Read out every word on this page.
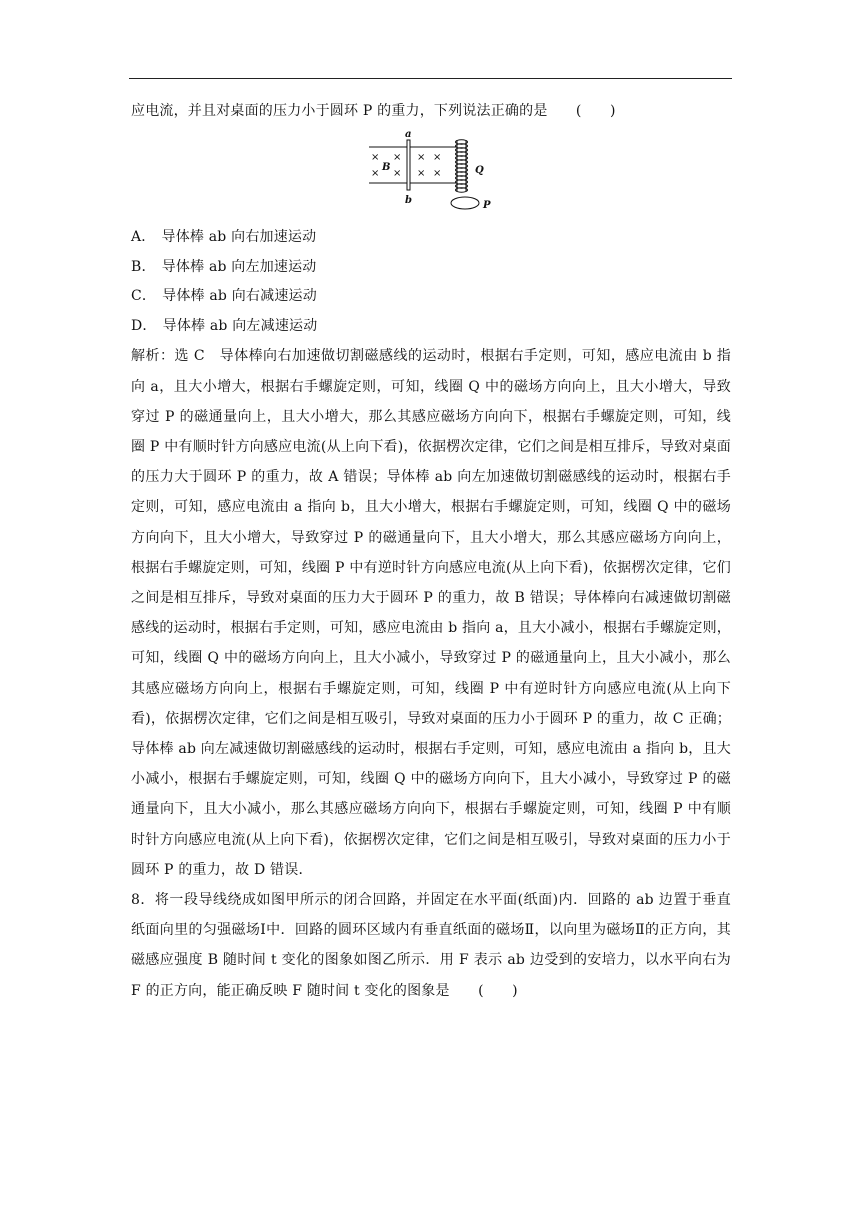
应电流，并且对桌面的压力小于圆环 P 的重力，下列说法正确的是　　(　　)

× ×
× ×
× ×
× ×
a
b
B	Q
P

A． 导体棒 ab 向右加速运动

B． 导体棒 ab 向左加速运动

C． 导体棒 ab 向右减速运动

D． 导体棒 ab 向左减速运动

解析：选 C　导体棒向右加速做切割磁感线的运动时，根据右手定则，可知，感应电流由 b 指向 a，且大小增大，根据右手螺旋定则，可知，线圈 Q 中的磁场方向向上，且大小增大，导致穿过 P 的磁通量向上，且大小增大，那么其感应磁场方向向下，根据右手螺旋定则，可知，线圈 P 中有顺时针方向感应电流(从上向下看)，依据楞次定律，它们之间是相互排斥，导致对桌面的压力大于圆环 P 的重力，故 A 错误；导体棒 ab 向左加速做切割磁感线的运动时，根据右手定则，可知，感应电流由 a 指向 b，且大小增大，根据右手螺旋定则，可知，线圈 Q 中的磁场方向向下，且大小增大，导致穿过 P 的磁通量向下，且大小增大，那么其感应磁场方向向上，根据右手螺旋定则，可知，线圈 P 中有逆时针方向感应电流(从上向下看)，依据楞次定律，它们之间是相互排斥，导致对桌面的压力大于圆环 P 的重力，故 B 错误；导体棒向右减速做切割磁感线的运动时，根据右手定则，可知，感应电流由 b 指向 a，且大小减小，根据右手螺旋定则，可知，线圈 Q 中的磁场方向向上，且大小减小，导致穿过 P 的磁通量向上，且大小减小，那么其感应磁场方向向上，根据右手螺旋定则，可知，线圈 P 中有逆时针方向感应电流(从上向下看)，依据楞次定律，它们之间是相互吸引，导致对桌面的压力小于圆环 P 的重力，故 C 正确；导体棒 ab 向左减速做切割磁感线的运动时，根据右手定则，可知，感应电流由 a 指向 b，且大小减小，根据右手螺旋定则，可知，线圈 Q 中的磁场方向向下，且大小减小，导致穿过 P 的磁通量向下，且大小减小，那么其感应磁场方向向下，根据右手螺旋定则，可知，线圈 P 中有顺时针方向感应电流(从上向下看)，依据楞次定律，它们之间是相互吸引，导致对桌面的压力小于圆环 P 的重力，故 D 错误．

8．将一段导线绕成如图甲所示的闭合回路，并固定在水平面(纸面)内．回路的 ab 边置于垂直纸面向里的匀强磁场Ⅰ中．回路的圆环区域内有垂直纸面的磁场Ⅱ，以向里为磁场Ⅱ的正方向，其磁感应强度 B 随时间 t 变化的图象如图乙所示．用 F 表示 ab 边受到的安培力，以水平向右为 F 的正方向，能正确反映 F 随时间 t 变化的图象是　　(　　)
